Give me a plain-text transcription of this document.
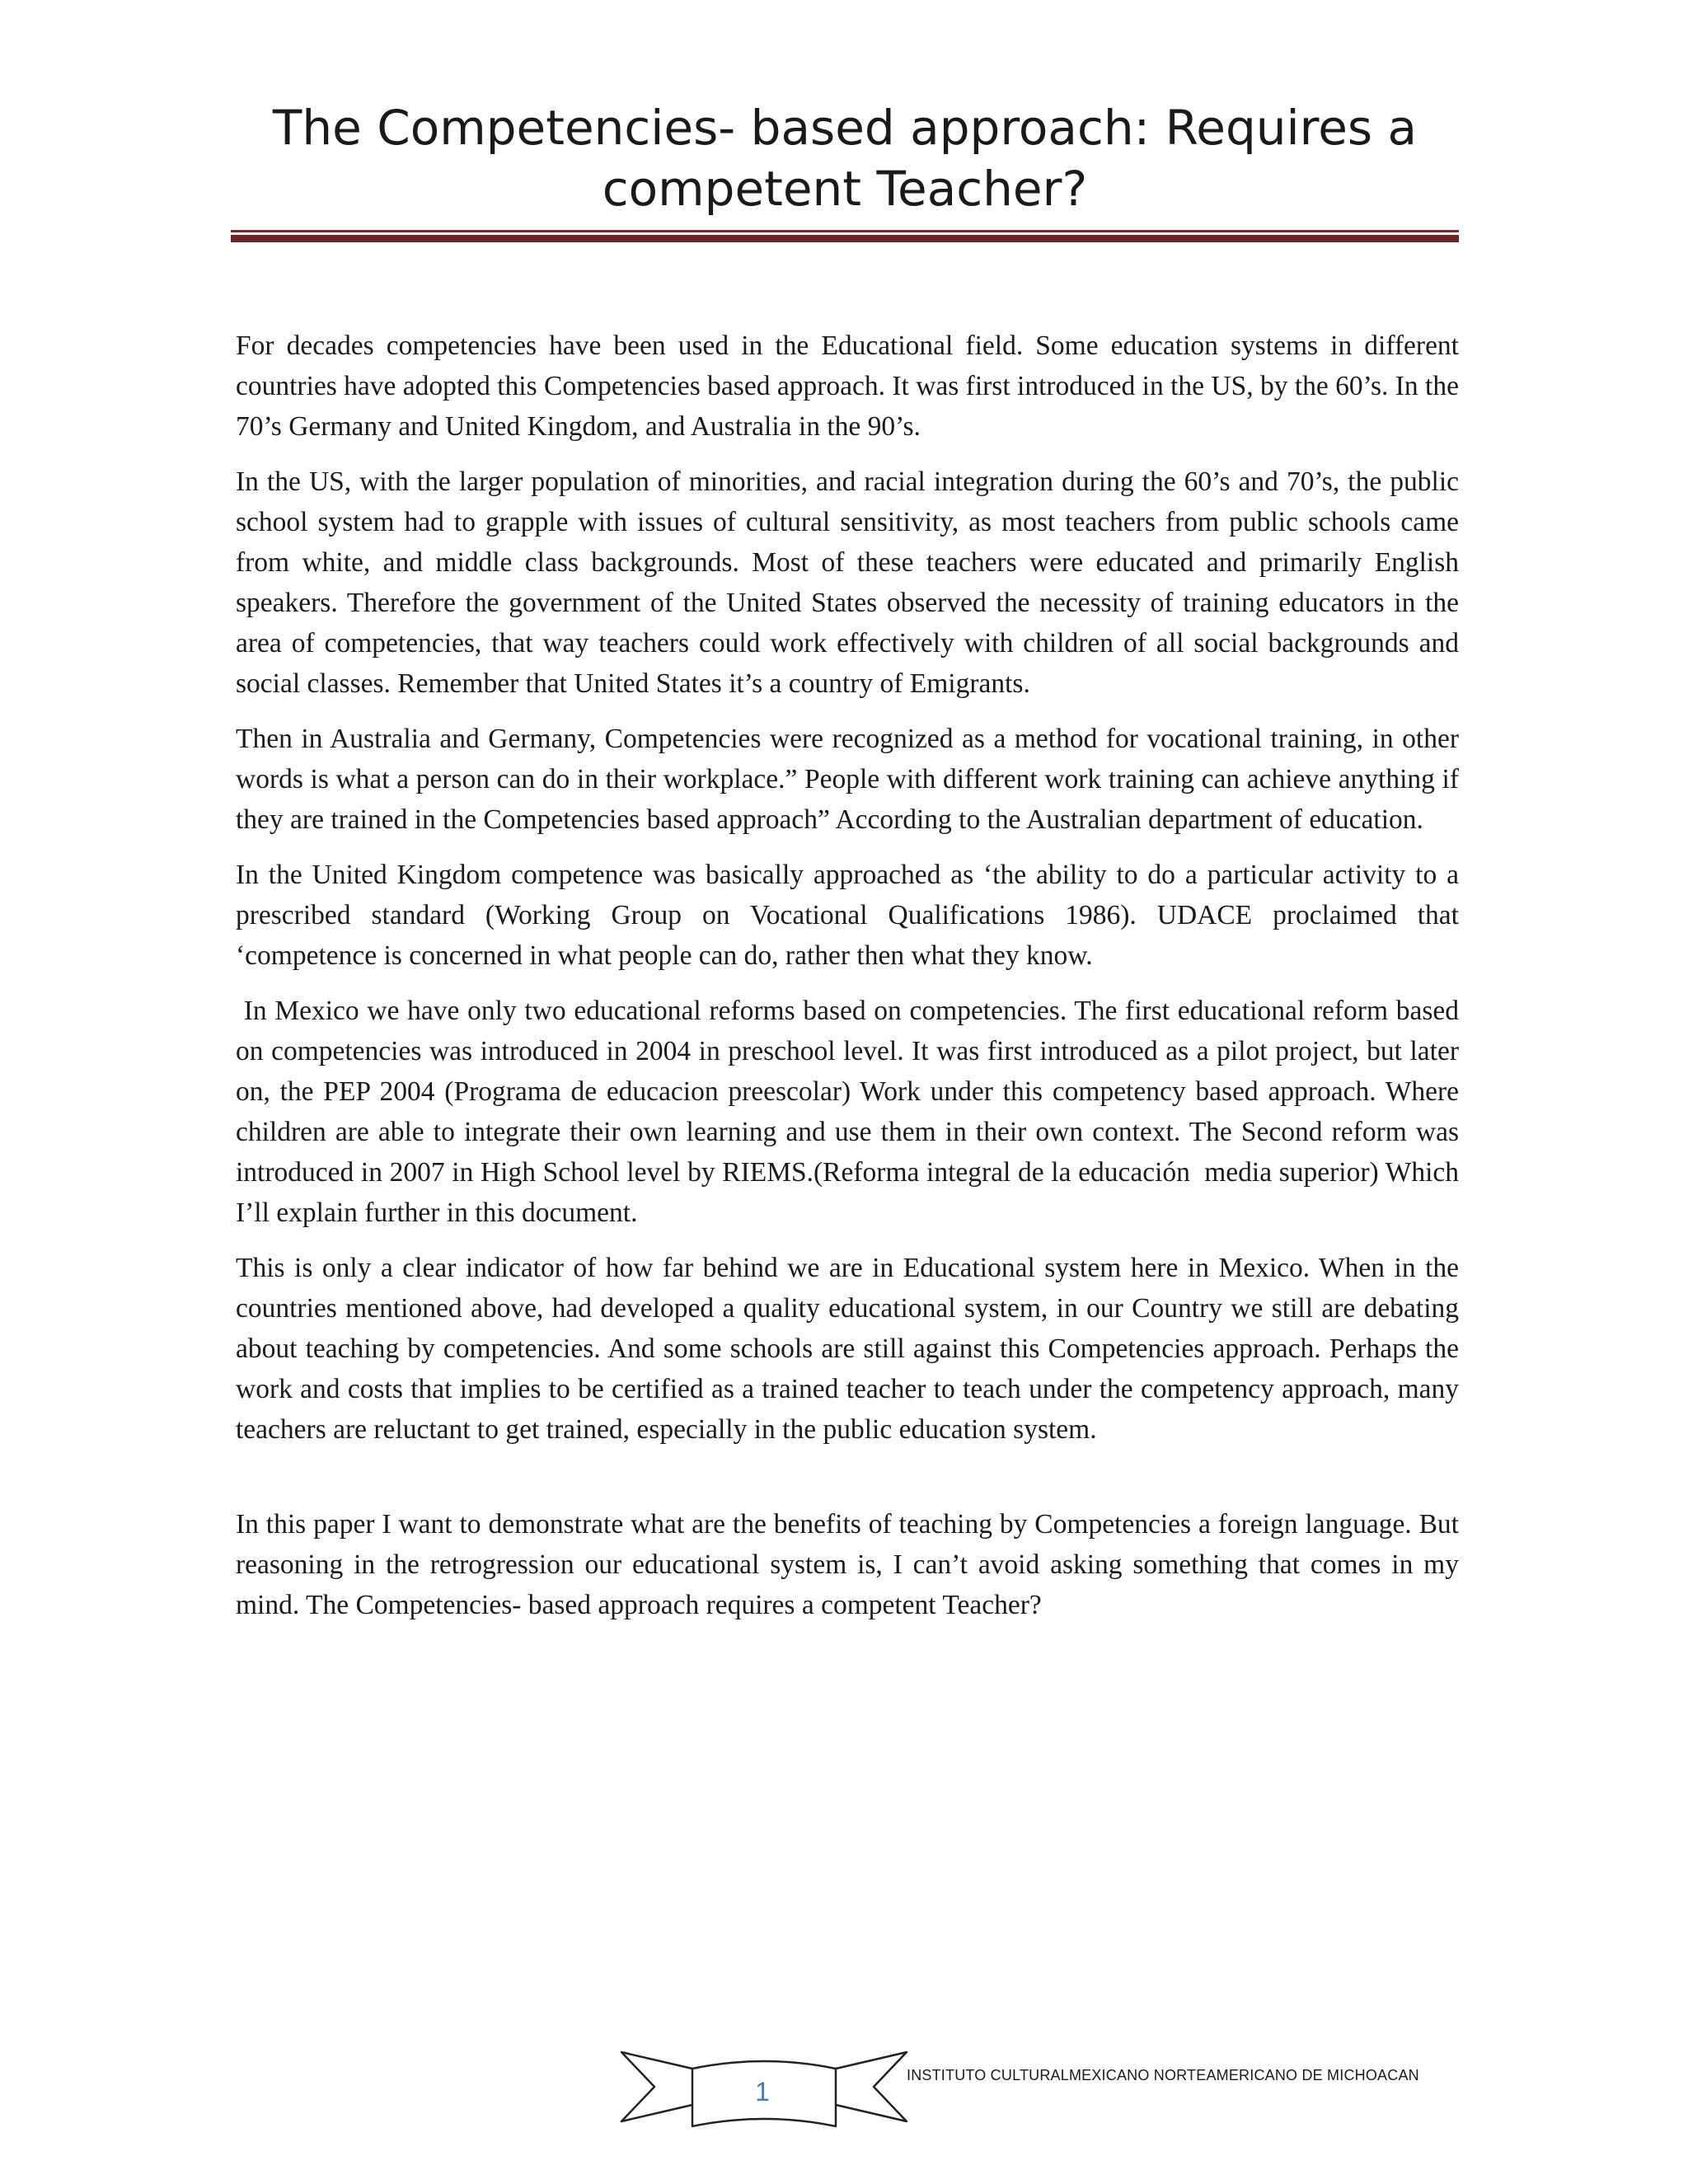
The Competencies- based approach: Requires a competent Teacher?

For decades competencies have been used in the Educational field. Some education systems in different countries have adopted this Competencies based approach. It was first introduced in the US, by the 60’s. In the 70’s Germany and United Kingdom, and Australia in the 90’s.

In the US, with the larger population of minorities, and racial integration during the 60’s and 70’s, the public school system had to grapple with issues of cultural sensitivity, as most teachers from public schools came from white, and middle class backgrounds. Most of these teachers were educated and primarily English speakers. Therefore the government of the United States observed the necessity of training educators in the area of competencies, that way teachers could work effectively with children of all social backgrounds and social classes. Remember that United States it’s a country of Emigrants.

Then in Australia and Germany, Competencies were recognized as a method for vocational training, in other words is what a person can do in their workplace.” People with different work training can achieve anything if they are trained in the Competencies based approach” According to the Australian department of education.

In the United Kingdom competence was basically approached as ‘the ability to do a particular activity to a prescribed standard (Working Group on Vocational Qualifications 1986). UDACE proclaimed that ‘competence is concerned in what people can do, rather then what they know.

In Mexico we have only two educational reforms based on competencies. The first educational reform based on competencies was introduced in 2004 in preschool level. It was first introduced as a pilot project, but later on, the PEP 2004 (Programa de educacion preescolar) Work under this competency based approach. Where children are able to integrate their own learning and use them in their own context. The Second reform was introduced in 2007 in High School level by RIEMS.(Reforma integral de la educación  media superior) Which I’ll explain further in this document.

This is only a clear indicator of how far behind we are in Educational system here in Mexico. When in the countries mentioned above, had developed a quality educational system, in our Country we still are debating about teaching by competencies. And some schools are still against this Competencies approach. Perhaps the work and costs that implies to be certified as a trained teacher to teach under the competency approach, many teachers are reluctant to get trained, especially in the public education system.

In this paper I want to demonstrate what are the benefits of teaching by Competencies a foreign language. But reasoning in the retrogression our educational system is, I can’t avoid asking something that comes in my mind. The Competencies- based approach requires a competent Teacher?

1
INSTITUTO CULTURALMEXICANO NORTEAMERICANO DE MICHOACAN
